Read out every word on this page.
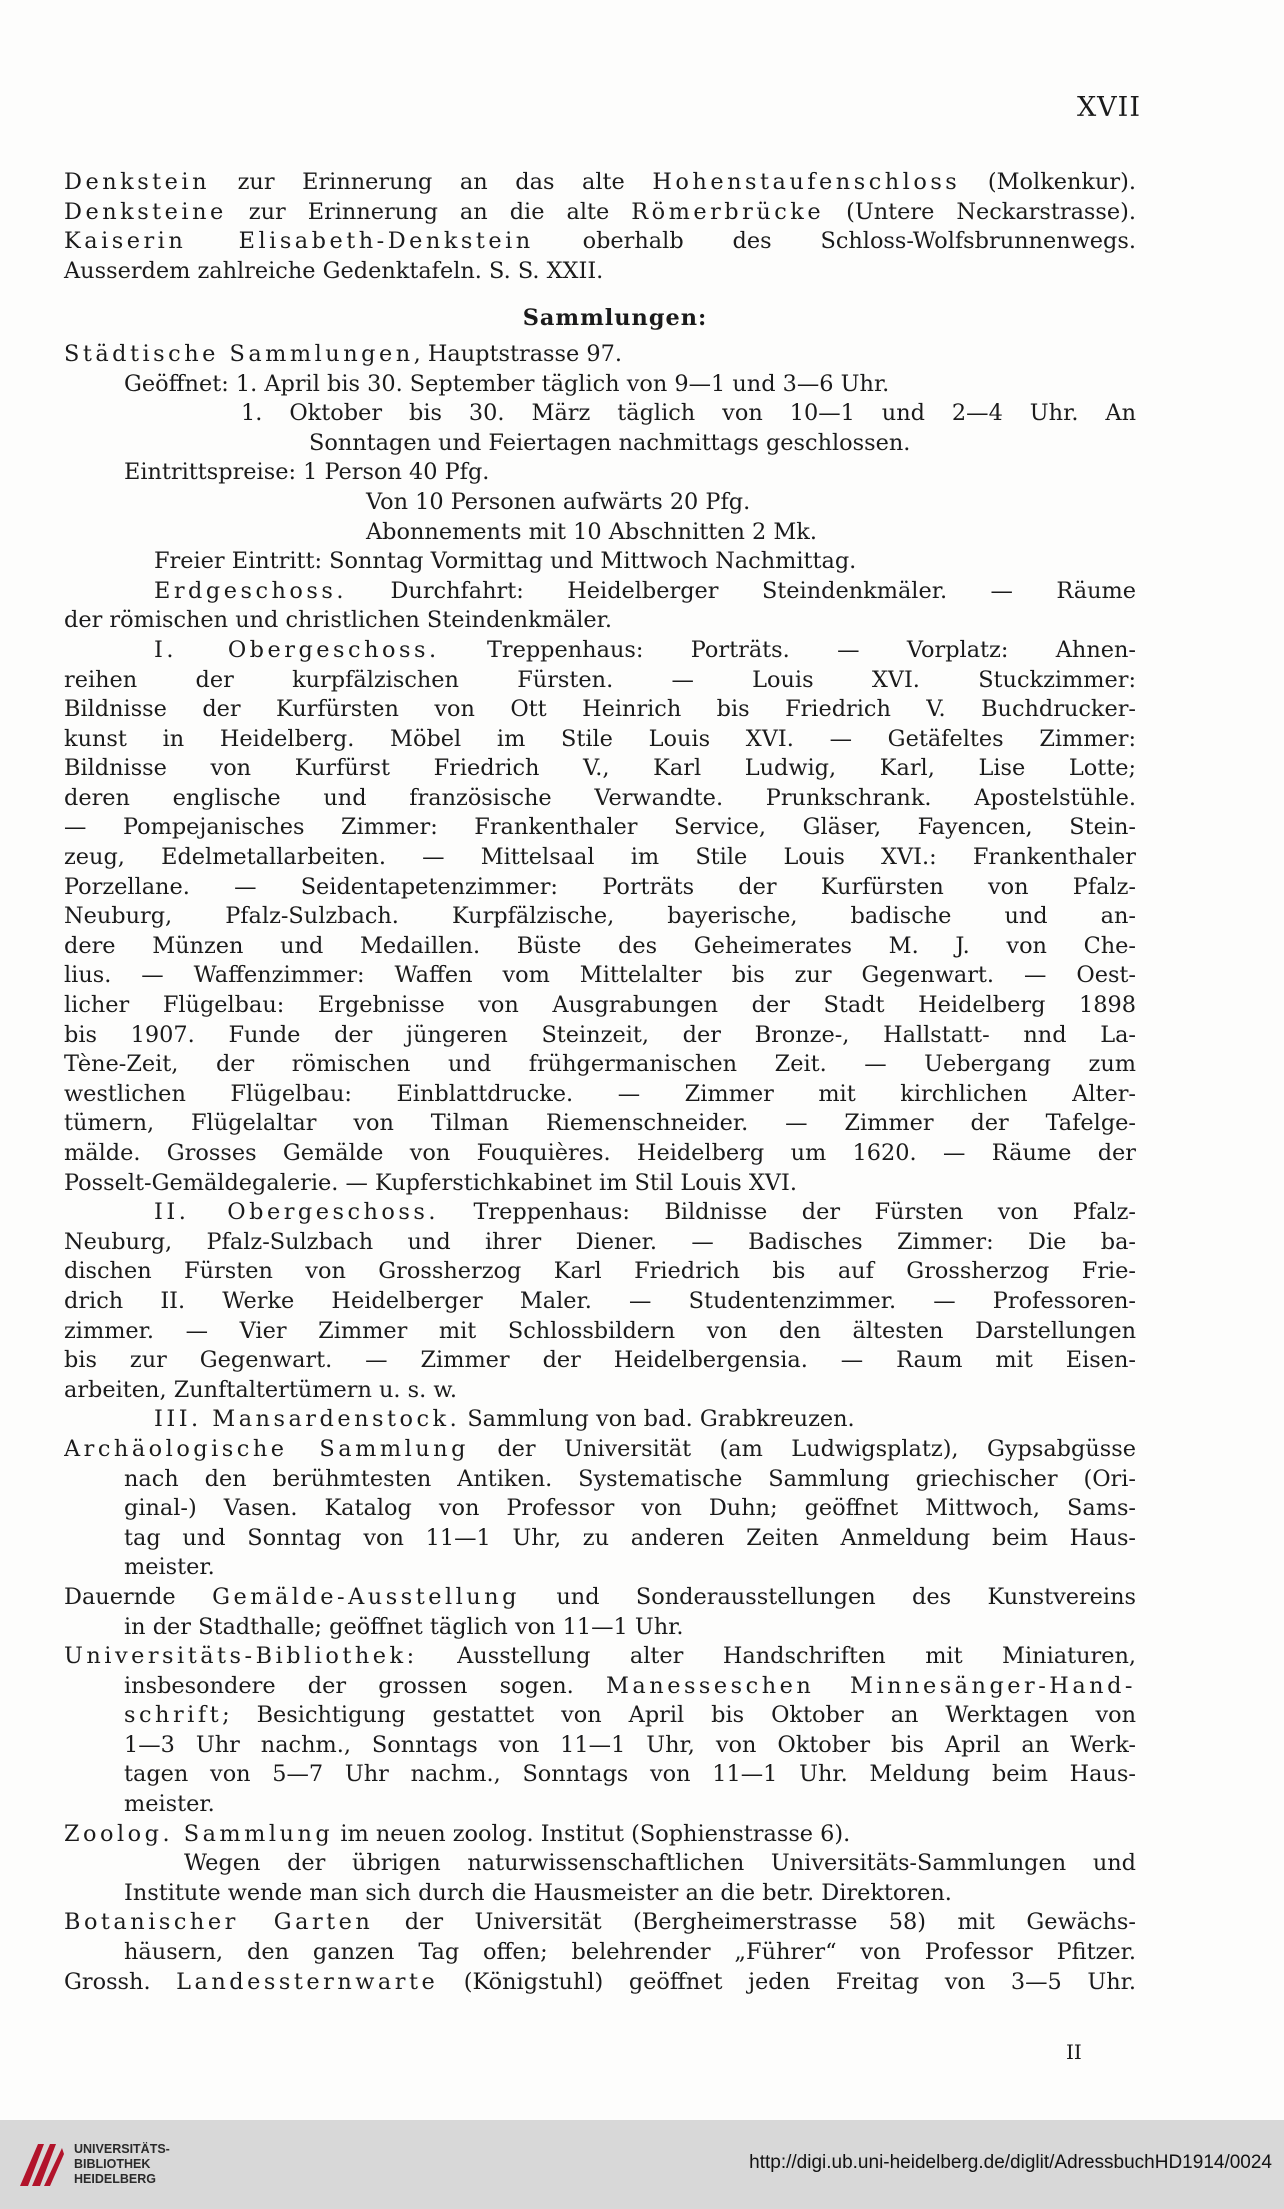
XVII
Denkstein zur Erinnerung an das alte Hohenstaufenschloss (Molkenkur).
Denksteine zur Erinnerung an die alte Römerbrücke (Untere Neckarstrasse).
Kaiserin Elisabeth-Denkstein oberhalb des Schloss-Wolfsbrunnenwegs.
Ausserdem zahlreiche Gedenktafeln. S. S. XXII.
Sammlungen:
Städtische Sammlungen, Hauptstrasse 97.
Geöffnet: 1. April bis 30. September täglich von 9—1 und 3—6 Uhr.
1. Oktober bis 30. März täglich von 10—1 und 2—4 Uhr. An
Sonntagen und Feiertagen nachmittags geschlossen.
Eintrittspreise: 1 Person 40 Pfg.
Von 10 Personen aufwärts 20 Pfg.
Abonnements mit 10 Abschnitten 2 Mk.
Freier Eintritt: Sonntag Vormittag und Mittwoch Nachmittag.
Erdgeschoss. Durchfahrt: Heidelberger Steindenkmäler. — Räume
der römischen und christlichen Steindenkmäler.
I. Obergeschoss. Treppenhaus: Porträts. — Vorplatz: Ahnen-
reihen der kurpfälzischen Fürsten. — Louis XVI. Stuckzimmer:
Bildnisse der Kurfürsten von Ott Heinrich bis Friedrich V. Buchdrucker-
kunst in Heidelberg. Möbel im Stile Louis XVI. — Getäfeltes Zimmer:
Bildnisse von Kurfürst Friedrich V., Karl Ludwig, Karl, Lise Lotte;
deren englische und französische Verwandte. Prunkschrank. Apostelstühle.
— Pompejanisches Zimmer: Frankenthaler Service, Gläser, Fayencen, Stein-
zeug, Edelmetallarbeiten. — Mittelsaal im Stile Louis XVI.: Frankenthaler
Porzellane. — Seidentapetenzimmer: Porträts der Kurfürsten von Pfalz-
Neuburg, Pfalz-Sulzbach. Kurpfälzische, bayerische, badische und an-
dere Münzen und Medaillen. Büste des Geheimerates M. J. von Che-
lius. — Waffenzimmer: Waffen vom Mittelalter bis zur Gegenwart. — Oest-
licher Flügelbau: Ergebnisse von Ausgrabungen der Stadt Heidelberg 1898
bis 1907. Funde der jüngeren Steinzeit, der Bronze-, Hallstatt- nnd La-
Tène-Zeit, der römischen und frühgermanischen Zeit. — Uebergang zum
westlichen Flügelbau: Einblattdrucke. — Zimmer mit kirchlichen Alter-
tümern, Flügelaltar von Tilman Riemenschneider. — Zimmer der Tafelge-
mälde. Grosses Gemälde von Fouquières. Heidelberg um 1620. — Räume der
Posselt-Gemäldegalerie. — Kupferstichkabinet im Stil Louis XVI.
II. Obergeschoss. Treppenhaus: Bildnisse der Fürsten von Pfalz-
Neuburg, Pfalz-Sulzbach und ihrer Diener. — Badisches Zimmer: Die ba-
dischen Fürsten von Grossherzog Karl Friedrich bis auf Grossherzog Frie-
drich II. Werke Heidelberger Maler. — Studentenzimmer. — Professoren-
zimmer. — Vier Zimmer mit Schlossbildern von den ältesten Darstellungen
bis zur Gegenwart. — Zimmer der Heidelbergensia. — Raum mit Eisen-
arbeiten, Zunftaltertümern u. s. w.
III. Mansardenstock. Sammlung von bad. Grabkreuzen.
Archäologische Sammlung der Universität (am Ludwigsplatz), Gypsabgüsse
nach den berühmtesten Antiken. Systematische Sammlung griechischer (Ori-
ginal-) Vasen. Katalog von Professor von Duhn; geöffnet Mittwoch, Sams-
tag und Sonntag von 11—1 Uhr, zu anderen Zeiten Anmeldung beim Haus-
meister.
Dauernde Gemälde-Ausstellung und Sonderausstellungen des Kunstvereins
in der Stadthalle; geöffnet täglich von 11—1 Uhr.
Universitäts-Bibliothek: Ausstellung alter Handschriften mit Miniaturen,
insbesondere der grossen sogen. Manesseschen Minnesänger-Hand-
schrift; Besichtigung gestattet von April bis Oktober an Werktagen von
1—3 Uhr nachm., Sonntags von 11—1 Uhr, von Oktober bis April an Werk-
tagen von 5—7 Uhr nachm., Sonntags von 11—1 Uhr. Meldung beim Haus-
meister.
Zoolog. Sammlung im neuen zoolog. Institut (Sophienstrasse 6).
Wegen der übrigen naturwissenschaftlichen Universitäts-Sammlungen und
Institute wende man sich durch die Hausmeister an die betr. Direktoren.
Botanischer Garten der Universität (Bergheimerstrasse 58) mit Gewächs-
häusern, den ganzen Tag offen; belehrender „Führer“ von Professor Pfitzer.
Grossh. Landessternwarte (Königstuhl) geöffnet jeden Freitag von 3—5 Uhr.
II
UNIVERSITÄTS-
BIBLIOTHEK
HEIDELBERG
http://digi.ub.uni-heidelberg.de/diglit/AdressbuchHD1914/0024
